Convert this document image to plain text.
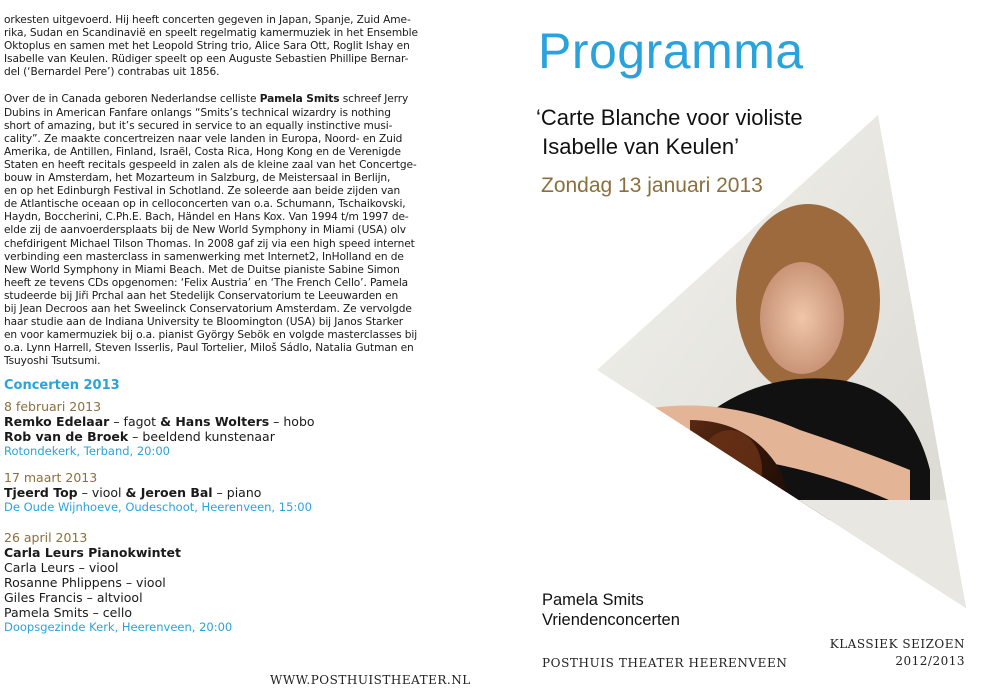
orkesten uitgevoerd. Hij heeft concerten gegeven in Japan, Spanje, Zuid Ame-
rika, Sudan en Scandinavië en speelt regelmatig kamermuziek in het Ensemble
Oktoplus en samen met het Leopold String trio, Alice Sara Ott, Roglit Ishay en
Isabelle van Keulen. Rüdiger speelt op een Auguste Sebastien Phillipe Bernar-
del (‘Bernardel Pere’) contrabas uit 1856.

Over de in Canada geboren Nederlandse celliste Pamela Smits schreef Jerry
Dubins in American Fanfare onlangs “Smits’s technical wizardry is nothing
short of amazing, but it’s secured in service to an equally instinctive musi-
cality”. Ze maakte concertreizen naar vele landen in Europa, Noord- en Zuid
Amerika, de Antillen, Finland, Israël, Costa Rica, Hong Kong en de Verenigde
Staten en heeft recitals gespeeld in zalen als de kleine zaal van het Concertge-
bouw in Amsterdam, het Mozarteum in Salzburg, de Meistersaal in Berlijn,
en op het Edinburgh Festival in Schotland. Ze soleerde aan beide zijden van
de Atlantische oceaan op in celloconcerten van o.a. Schumann, Tschaikovski,
Haydn, Boccherini, C.Ph.E. Bach, Händel en Hans Kox. Van 1994 t/m 1997 de-
elde zij de aanvoerdersplaats bij de New World Symphony in Miami (USA) olv
chefdirigent Michael Tilson Thomas. In 2008 gaf zij via een high speed internet
verbinding een masterclass in samenwerking met Internet2, InHolland en de
New World Symphony in Miami Beach. Met de Duitse pianiste Sabine Simon
heeft ze tevens CDs opgenomen: ‘Felix Austria’ en ‘The French Cello’. Pamela
studeerde bij Jiři Prchal aan het Stedelijk Conservatorium te Leeuwarden en
bij Jean Decroos aan het Sweelinck Conservatorium Amsterdam. Ze vervolgde
haar studie aan de Indiana University te Bloomington (USA) bij Janos Starker
en voor kamermuziek bij o.a. pianist György Sebök en volgde masterclasses bij
o.a. Lynn Harrell, Steven Isserlis, Paul Tortelier, Miloš Sádlo, Natalia Gutman en
Tsuyoshi Tsutsumi.

Concerten 2013
8 februari 2013
Remko Edelaar – fagot & Hans Wolters – hobo
Rob van de Broek – beeldend kunstenaar
Rotondekerk, Terband, 20:00
17 maart 2013
Tjeerd Top – viool & Jeroen Bal – piano
De Oude Wijnhoeve, Oudeschoot, Heerenveen, 15:00
26 april 2013
Carla Leurs Pianokwintet
Carla Leurs – viool
Rosanne Phlippens – viool
Giles Francis – altviool
Pamela Smits – cello
Doopsgezinde Kerk, Heerenveen, 20:00
WWW.POSTHUISTHEATER.NL
Programma
‘Carte Blanche voor violiste
Isabelle van Keulen’
Zondag 13 januari 2013
foto: Marco Borggreve
Pamela Smits
Vriendenconcerten
POSTHUIS THEATER HEERENVEEN
KLASSIEK SEIZOEN
2012/2013
